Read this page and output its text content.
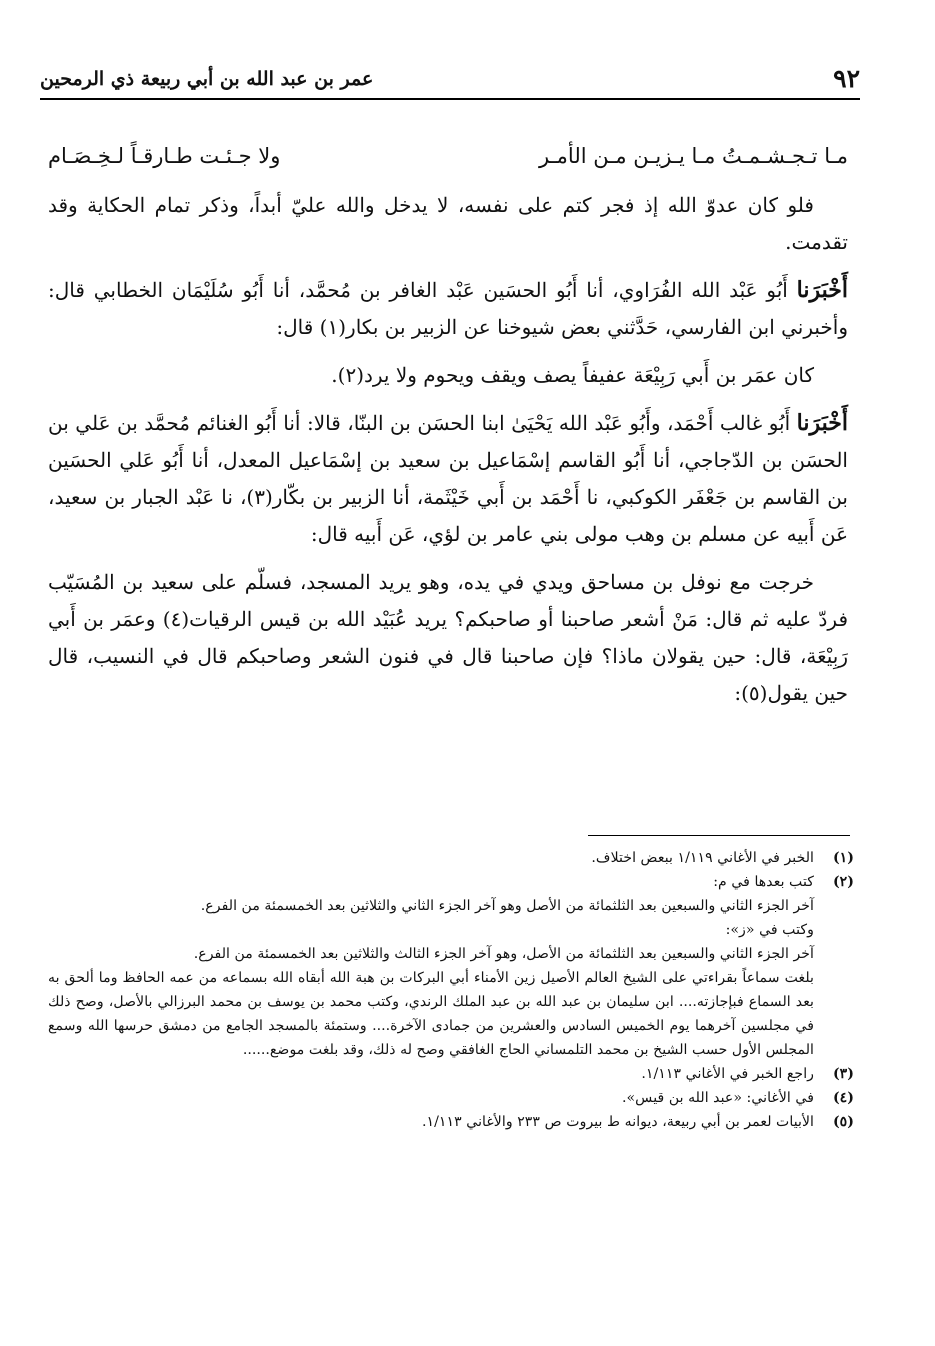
٩٢
عمر بن عبد الله بن أبي ربيعة ذي الرمحين
مـا تـجـشـمـتُ مـا يـزيـن مـن الأمـر
ولا جـئـت طـارقـاً لـخِـصَـام

فلو كان عدوّ الله إذ فجر كتم على نفسه، لا يدخل والله عليّ أبداً، وذكر تمام الحكاية وقد تقدمت.

أَخْبَرَنا أَبُو عَبْد الله الفُرَاوي، أنا أَبُو الحسَين عَبْد الغافر بن مُحمَّد، أنا أَبُو سُلَيْمَان الخطابي قال: وأخبرني ابن الفارسي، حَدَّثني بعض شيوخنا عن الزبير بن بكار(١) قال:

كان عمَر بن أَبي رَبِيْعَة عفيفاً يصف ويقف ويحوم ولا يرد(٢).

أَخْبَرَنا أَبُو غالب أَحْمَد، وأَبُو عَبْد الله يَحْيَىٰ ابنا الحسَن بن البنّا، قالا: أنا أَبُو الغنائم مُحمَّد بن عَلي بن الحسَن بن الدّجاجي، أنا أَبُو القاسم إسْمَاعيل بن سعيد بن إسْمَاعيل المعدل، أنا أَبُو عَلي الحسَين بن القاسم بن جَعْفَر الكوكبي، نا أَحْمَد بن أَبي خَيْثَمة، أنا الزبير بن بكّار(٣)، نا عَبْد الجبار بن سعيد، عَن أَبيه عن مسلم بن وهب مولى بني عامر بن لؤي، عَن أَبيه قال:

خرجت مع نوفل بن مساحق ويدي في يده، وهو يريد المسجد، فسلّم على سعيد بن المُسَيّب فردّ عليه ثم قال: مَنْ أشعر صاحبنا أو صاحبكم؟ يريد عُبَيْد الله بن قيس الرقيات(٤) وعمَر بن أَبي رَبِيْعَة، قال: حين يقولان ماذا؟ فإن صاحبنا قال في فنون الشعر وصاحبكم قال في النسيب، قال حين يقول(٥):

(١)
الخبر في الأغاني ١/١١٩ ببعض اختلاف.
(٢)
كتب بعدها في م:
آخر الجزء الثاني والسبعين بعد الثلثمائة من الأصل وهو آخر الجزء الثاني والثلاثين بعد الخمسمئة من الفرع.
وكتب في «ز»:
آخر الجزء الثاني والسبعين بعد الثلثمائة من الأصل، وهو آخر الجزء الثالث والثلاثين بعد الخمسمئة من الفرع.
بلغت سماعاً بقراءتي على الشيخ العالم الأصيل زين الأمناء أبي البركات بن هبة الله أبقاه الله بسماعه من عمه الحافظ وما ألحق به بعد السماع فبإجازته.... ابن سليمان بن عبد الله بن عبد الملك الرندي، وكتب محمد بن يوسف بن محمد البرزالي بالأصل، وصح ذلك في مجلسين آخرهما يوم الخميس السادس والعشرين من جمادى الآخرة.... وستمئة بالمسجد الجامع من دمشق حرسها الله وسمع المجلس الأول حسب الشيخ بن محمد التلمساني الحاج الغافقي وصح له ذلك، وقد بلغت موضع......
(٣)
راجع الخبر في الأغاني ١/١١٣.
(٤)
في الأغاني: «عبد الله بن قيس».
(٥)
الأبيات لعمر بن أبي ربيعة، ديوانه ط بيروت ص ٢٣٣ والأغاني ١/١١٣.
